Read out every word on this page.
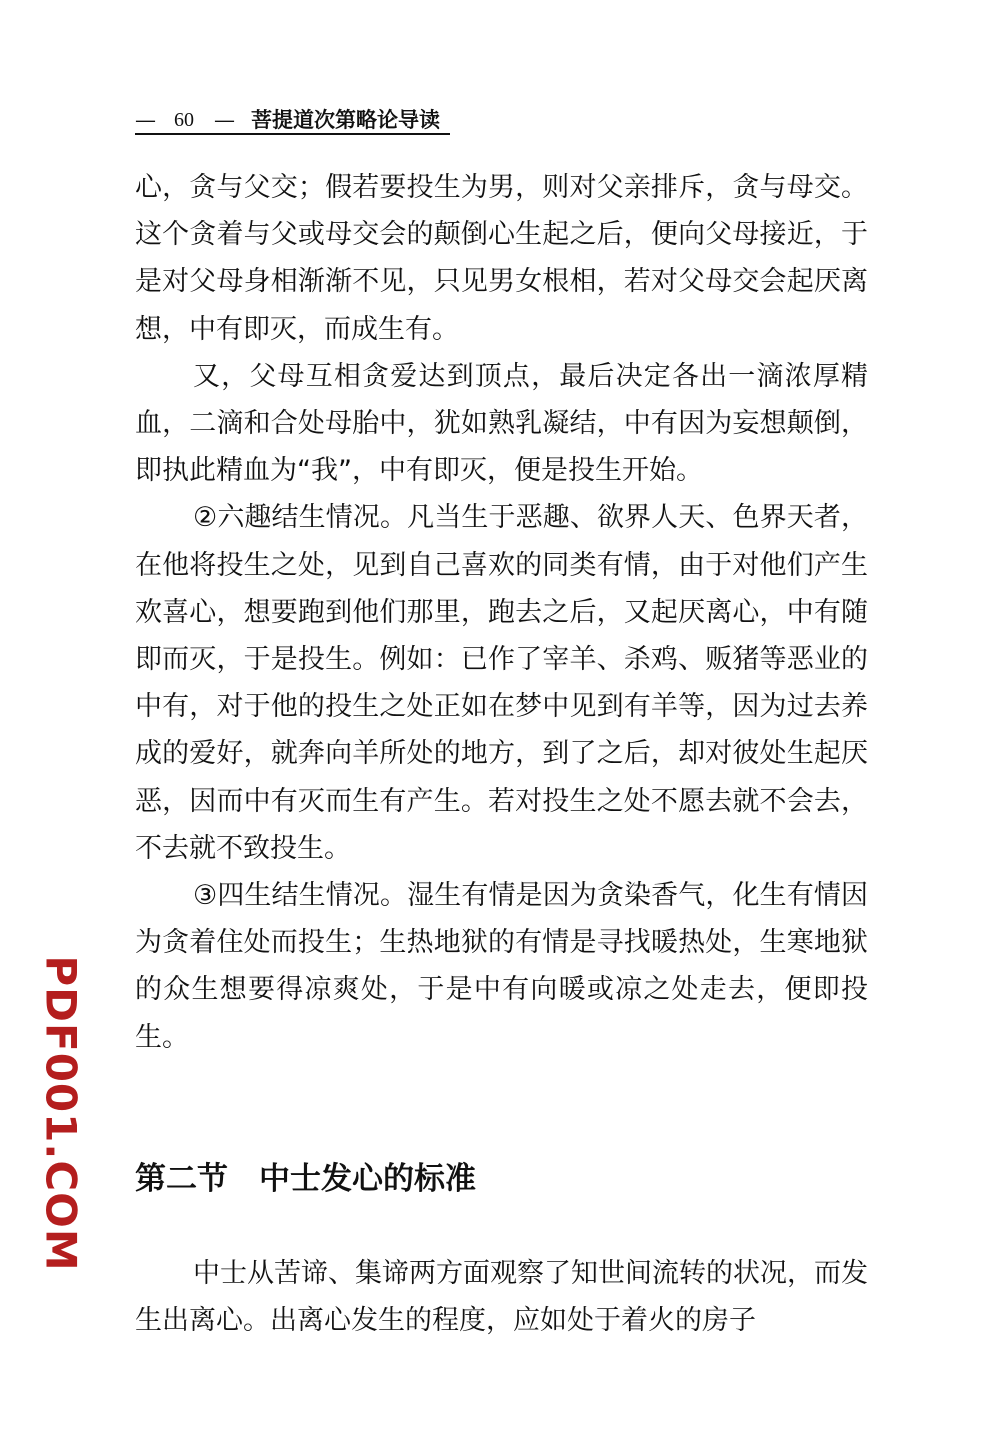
— 60 — 菩提道次第略论导读

心，贪与父交；假若要投生为男，则对父亲排斥，贪与母交。这个贪着与父或母交会的颠倒心生起之后，便向父母接近，于是对父母身相渐渐不见，只见男女根相，若对父母交会起厌离想，中有即灭，而成生有。

又，父母互相贪爱达到顶点，最后决定各出一滴浓厚精血，二滴和合处母胎中，犹如熟乳凝结，中有因为妄想颠倒，即执此精血为“我”，中有即灭，便是投生开始。

②六趣结生情况。凡当生于恶趣、欲界人天、色界天者，在他将投生之处，见到自己喜欢的同类有情，由于对他们产生欢喜心，想要跑到他们那里，跑去之后，又起厌离心，中有随即而灭，于是投生。例如：已作了宰羊、杀鸡、贩猪等恶业的中有，对于他的投生之处正如在梦中见到有羊等，因为过去养成的爱好，就奔向羊所处的地方，到了之后，却对彼处生起厌恶，因而中有灭而生有产生。若对投生之处不愿去就不会去，不去就不致投生。

③四生结生情况。湿生有情是因为贪染香气，化生有情因为贪着住处而投生；生热地狱的有情是寻找暖热处，生寒地狱的众生想要得凉爽处，于是中有向暖或凉之处走去，便即投生。

第二节　中士发心的标准

中士从苦谛、集谛两方面观察了知世间流转的状况，而发生出离心。出离心发生的程度，应如处于着火的房子

PDF001.COM
